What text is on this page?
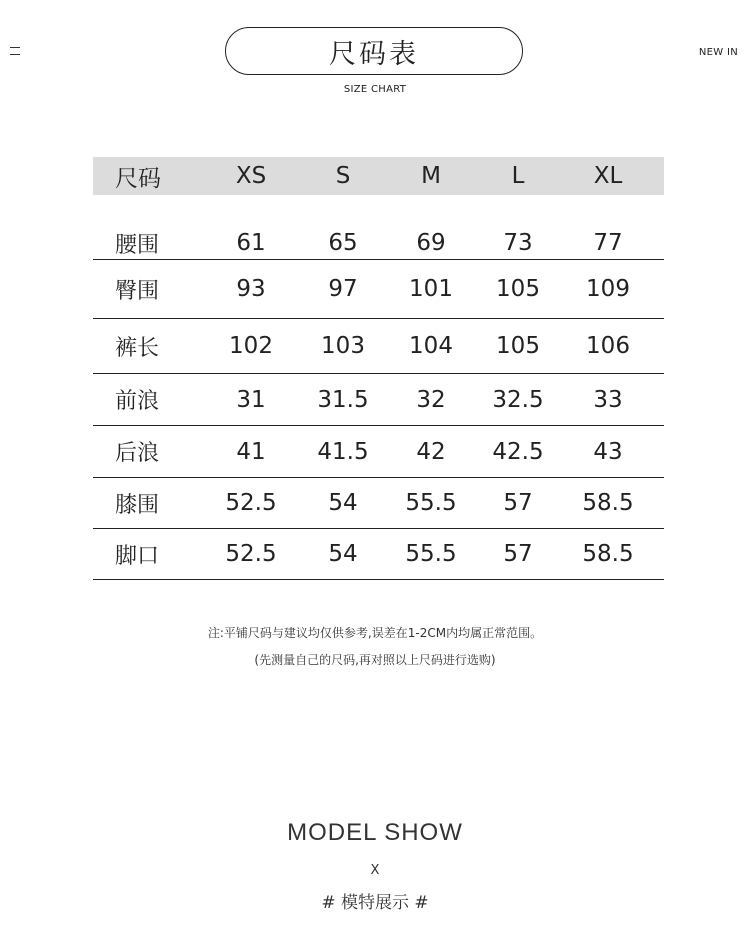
NEW IN
尺码表
SIZE CHART
尺码	XS	S	M	L	XL
腰围	61	65	69	73	77
臀围	93	97	101	105	109
裤长	102	103	104	105	106
前浪	31	31.5	32	32.5	33
后浪	41	41.5	42	42.5	43
膝围	52.5	54	55.5	57	58.5
脚口	52.5	54	55.5	57	58.5
注:平铺尺码与建议均仅供参考,误差在1-2CM内均属正常范围。
(先测量自己的尺码,再对照以上尺码进行选购)
MODEL SHOW
X
# 模特展示 #
